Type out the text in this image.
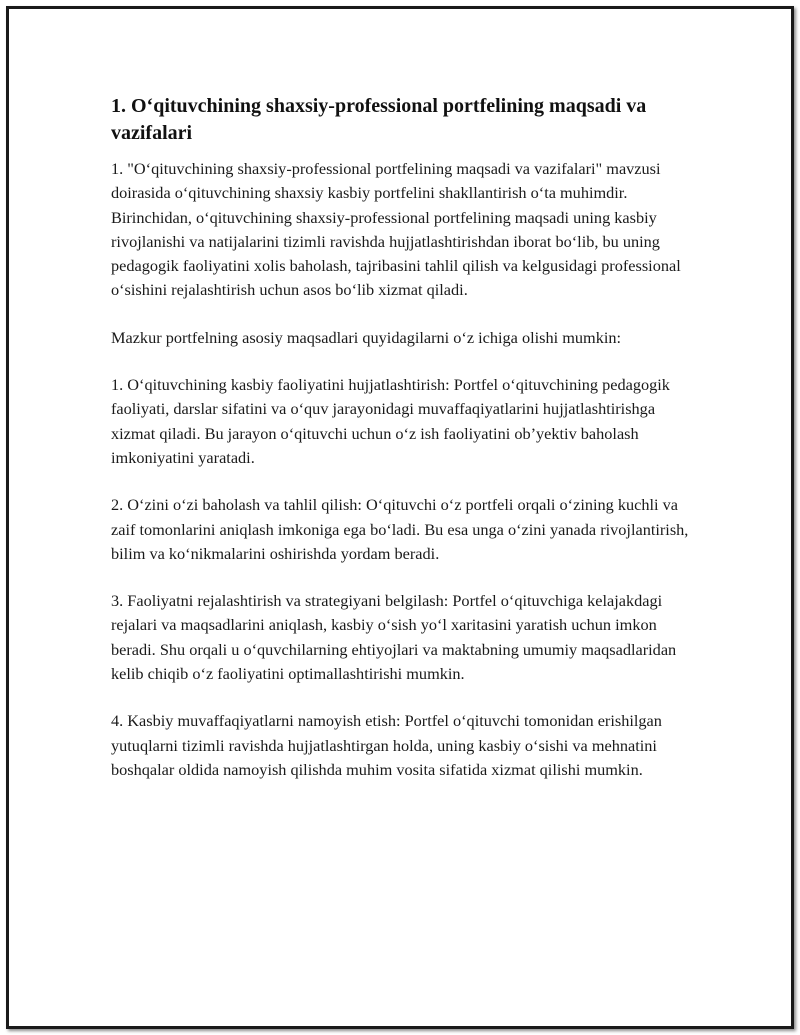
1. O‘qituvchining shaxsiy-professional portfelining maqsadi va vazifalari

1. "O‘qituvchining shaxsiy-professional portfelining maqsadi va vazifalari" mavzusi doirasida o‘qituvchining shaxsiy kasbiy portfelini shakllantirish o‘ta muhimdir. Birinchidan, o‘qituvchining shaxsiy-professional portfelining maqsadi uning kasbiy rivojlanishi va natijalarini tizimli ravishda hujjatlashtirishdan iborat bo‘lib, bu uning pedagogik faoliyatini xolis baholash, tajribasini tahlil qilish va kelgusidagi professional o‘sishini rejalashtirish uchun asos bo‘lib xizmat qiladi.

Mazkur portfelning asosiy maqsadlari quyidagilarni o‘z ichiga olishi mumkin:

1. O‘qituvchining kasbiy faoliyatini hujjatlashtirish: Portfel o‘qituvchining pedagogik faoliyati, darslar sifatini va o‘quv jarayonidagi muvaffaqiyatlarini hujjatlashtirishga xizmat qiladi. Bu jarayon o‘qituvchi uchun o‘z ish faoliyatini ob’yektiv baholash imkoniyatini yaratadi.

2. O‘zini o‘zi baholash va tahlil qilish: O‘qituvchi o‘z portfeli orqali o‘zining kuchli va zaif tomonlarini aniqlash imkoniga ega bo‘ladi. Bu esa unga o‘zini yanada rivojlantirish, bilim va ko‘nikmalarini oshirishda yordam beradi.

3. Faoliyatni rejalashtirish va strategiyani belgilash: Portfel o‘qituvchiga kelajakdagi rejalari va maqsadlarini aniqlash, kasbiy o‘sish yo‘l xaritasini yaratish uchun imkon beradi. Shu orqali u o‘quvchilarning ehtiyojlari va maktabning umumiy maqsadlaridan kelib chiqib o‘z faoliyatini optimallashtirishi mumkin.

4. Kasbiy muvaffaqiyatlarni namoyish etish: Portfel o‘qituvchi tomonidan erishilgan yutuqlarni tizimli ravishda hujjatlashtirgan holda, uning kasbiy o‘sishi va mehnatini boshqalar oldida namoyish qilishda muhim vosita sifatida xizmat qilishi mumkin.
